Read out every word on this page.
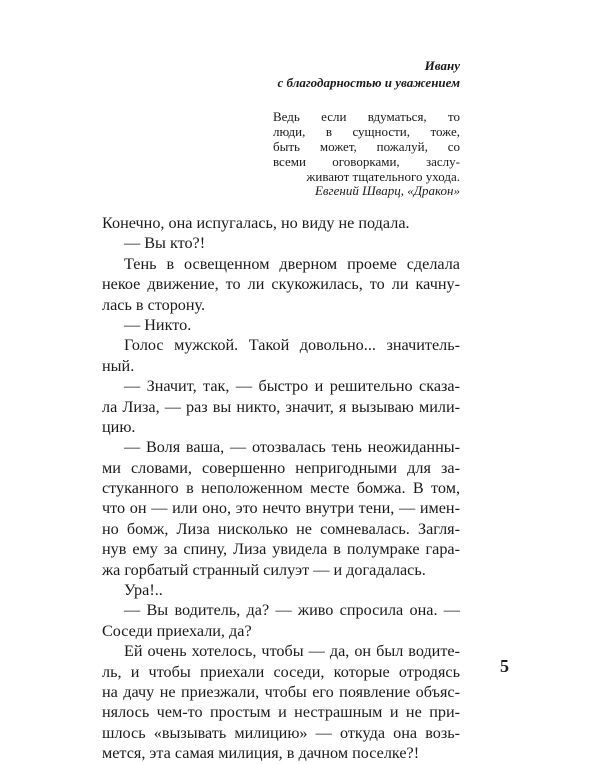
Ивану
с благодарностью и уважением
Ведь если вдуматься, то
люди, в сущности, тоже,
быть может, пожалуй, со
всеми оговорками, заслу-
живают тщательного ухода.
Евгений Шварц, «Дракон»
Конечно, она испугалась, но виду не подала.
— Вы кто?!
Тень в освещенном дверном проеме сделала
некое движение, то ли скукожилась, то ли качну-
лась в сторону.
— Никто.
Голос мужской. Такой довольно... значитель-
ный.
— Значит, так, — быстро и решительно сказа-
ла Лиза, — раз вы никто, значит, я вызываю мили-
цию.
— Воля ваша, — отозвалась тень неожиданны-
ми словами, совершенно непригодными для за-
стуканного в неположенном месте бомжа. В том,
что он — или оно, это нечто внутри тени, — имен-
но бомж, Лиза нисколько не сомневалась. Загля-
нув ему за спину, Лиза увидела в полумраке гара-
жа горбатый странный силуэт — и догадалась.
Ура!..
— Вы водитель, да? — живо спросила она. —
Соседи приехали, да?
Ей очень хотелось, чтобы — да, он был водите-
ль, и чтобы приехали соседи, которые отродясь
на дачу не приезжали, чтобы его появление объяс-
нялось чем-то простым и нестрашным и не при-
шлось «вызывать милицию» — откуда она возь-
мется, эта самая милиция, в дачном поселке?!
5
